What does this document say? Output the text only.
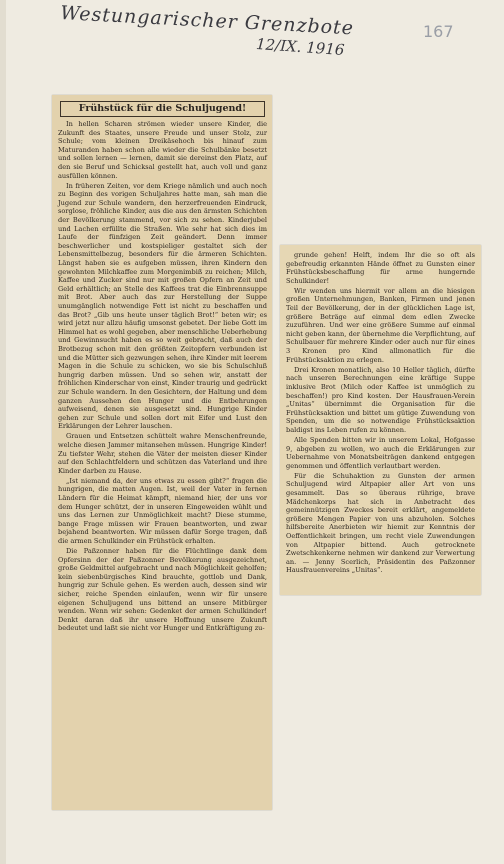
Westungarischer Grenzbote
12/IX. 1916
167
Frühstück für die Schuljugend!

In hellen Scharen strömen wieder unsere Kinder, die Zukunft des Staates, unsere Freude und unser Stolz, zur Schule; vom kleinen Dreikäsehoch bis hinauf zum Maturanden haben schon alle wieder die Schulbänke besetzt und sollen lernen — lernen, damit sie dereinst den Platz, auf den sie Beruf und Schicksal gestellt hat, auch voll und ganz ausfüllen können.

In früheren Zeiten, vor dem Kriege nämlich und auch noch zu Beginn des vorigen Schuljahres hatte man, sah man die Jugend zur Schule wandern, den herzerfreuenden Eindruck, sorglose, fröhliche Kinder, aus die aus den ärmsten Schichten der Bevölkerung stammend, vor sich zu sehen. Kinderjubel und Lachen erfüllte die Straßen. Wie sehr hat sich dies im Laufe der fünfzigen Zeit geändert. Denn immer beschwerlicher und kostspieliger gestaltet sich der Lebensmittelbezug, besonders für die ärmeren Schichten. Längst haben sie es aufgeben müssen, ihren Kindern den gewohnten Milchkaffee zum Morgenimbiß zu reichen; Milch, Kaffee und Zucker sind nur mit großen Opfern an Zeit und Geld erhältlich; an Stelle des Kaffees trat die Einbrennsuppe mit Brot. Aber auch das zur Herstellung der Suppe unumgänglich notwendige Fett ist nicht zu beschaffen und das Brot? „Gib uns heute unser täglich Brot!“ beten wir; es wird jetzt nur allzu häufig umsonst gebetet. Der liebe Gott im Himmel hat es wohl gegeben, aber menschliche Ueberhebung und Gewinnsucht haben es so weit gebracht, daß auch der Brotbezug schon mit den größten Zeitopfern verbunden ist und die Mütter sich gezwungen sehen, ihre Kinder mit leerem Magen in die Schule zu schicken, wo sie bis Schulschluß hungrig darben müssen. Und so sehen wir, anstatt der fröhlichen Kinderschar von einst, Kinder traurig und gedrückt zur Schule wandern. In den Gesichtern, der Haltung und dem ganzen Aussehen den Hunger und die Entbehrungen aufweisend, denen sie ausgesetzt sind. Hungrige Kinder gehen zur Schule und sollen dort mit Eifer und Lust den Erklärungen der Lehrer lauschen.

Grauen und Entsetzen schüttelt wahre Menschenfreunde, welche diesen Jammer mitansehen müssen. Hungrige Kinder! Zu tiefster Wehr, stehen die Väter der meisten dieser Kinder auf den Schlachtfeldern und schützen das Vaterland und ihre Kinder darben zu Hause.

„Ist niemand da, der uns etwas zu essen gibt?“ fragen die hungrigen, die matten Augen. Ist, weil der Vater in fernen Ländern für die Heimat kämpft, niemand hier, der uns vor dem Hunger schützt, der in unseren Eingeweiden wühlt und uns das Lernen zur Unmöglichkeit macht? Diese stumme, bange Frage müssen wir Frauen beantworten, und zwar bejahend beantworten. Wir müssen dafür Sorge tragen, daß die armen Schulkinder ein Frühstück erhalten.

Die Paßzonner haben für die Flüchtlinge dank dem Opfersinn der der Paßzonner Bevölkerung ausgezeichnet, große Geldmittel aufgebracht und nach Möglichkeit geholfen; kein siebenbürgisches Kind brauchte, gottlob und Dank, hungrig zur Schule gehen. Es werden auch, dessen sind wir sicher, reiche Spenden einlaufen, wenn wir für unsere eigenen Schuljugend uns bittend an unsere Mitbürger wenden. Wenn wir sehen: Gedenket der armen Schulkinder! Denkt daran daß ihr unsere Hoffnung unsere Zukunft bedeutet und laßt sie nicht vor Hunger und Entkräftigung zu-

grunde gehen! Helft, indem Ihr die so oft als gebefreudig erkannten Hände öffnet zu Gunsten einer Frühstücksbeschaffung für arme hungernde Schulkinder!

Wir wenden uns hiermit vor allem an die hiesigen großen Unternehmungen, Banken, Firmen und jenen Teil der Bevölkerung, der in der glücklichen Lage ist, größere Beträge auf einmal dem edlen Zwecke zuzuführen. Und wer eine größere Summe auf einmal nicht geben kann, der übernehme die Verpflichtung, auf Schulbauer für mehrere Kinder oder auch nur für eines 3 Kronen pro Kind allmonatlich für die Frühstücksaktion zu erlegen.

Drei Kronen monatlich, also 10 Heller täglich, dürfte nach unseren Berechnungen eine kräftige Suppe inklusive Brot (Milch oder Kaffee ist unmöglich zu beschaffen!) pro Kind kosten. Der Hausfrauen-Verein „Unitas“ übernimmt die Organisation für die Frühstücksaktion und bittet um gütige Zuwendung von Spenden, um die so notwendige Frühstücksaktion baldigst ins Leben rufen zu können.

Alle Spenden bitten wir in unserem Lokal, Hofgasse 9, abgeben zu wollen, wo auch die Erklärungen zur Uebernahme von Monatsbeiträgen dankend entgegen genommen und öffentlich verlautbart werden.

Für die Schuhaktion zu Gunsten der armen Schuljugend wird Altpapier aller Art von uns gesammelt. Das so überaus rührige, brave Mädchenkorps hat sich in Anbetracht des gemeinnützigen Zweckes bereit erklärt, angemeldete größere Mengen Papier von uns abzuholen. Solches hilfsbereite Anerbieten wir hiemit zur Kenntnis der Oeffentlichkeit bringen, um recht viele Zuwendungen von Altpapier bittend. Auch getrocknete Zwetschkenkerne nehmen wir dankend zur Verwertung an. — Jenny Scerlich, Präsidentin des Paßzonner Hausfrauenvereins „Unitas“.
